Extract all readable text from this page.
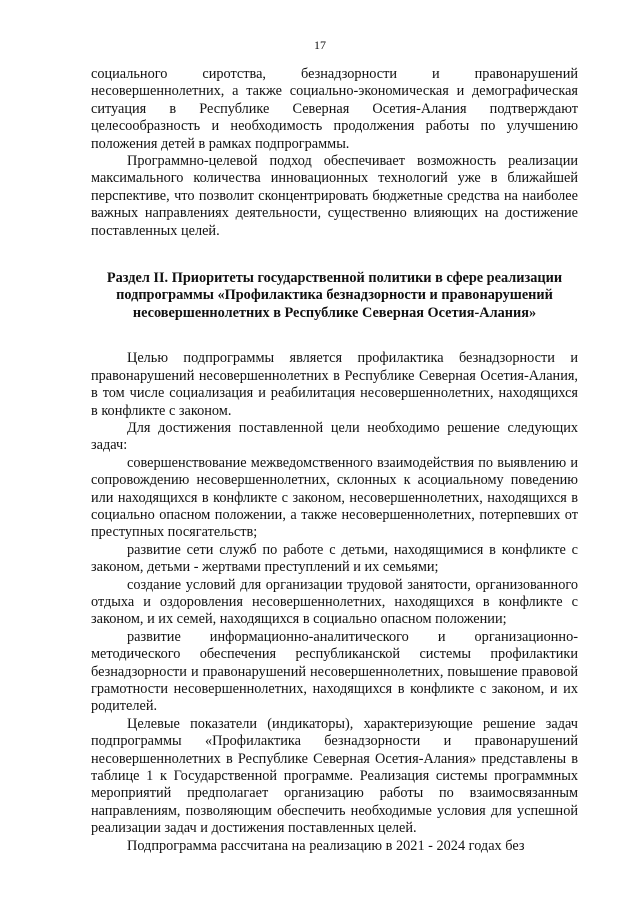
17

социального сиротства, безнадзорности и правонарушений несовершеннолетних, а также социально-экономическая и демографическая ситуация в Республике Северная Осетия-Алания подтверждают целесообразность и необходимость продолжения работы по улучшению положения детей в рамках подпрограммы.

Программно-целевой подход обеспечивает возможность реализации максимального количества инновационных технологий уже в ближайшей перспективе, что позволит сконцентрировать бюджетные средства на наиболее важных направлениях деятельности, существенно влияющих на достижение поставленных целей.

Раздел II. Приоритеты государственной политики в сфере реализации подпрограммы «Профилактика безнадзорности и правонарушений несовершеннолетних в Республике Северная Осетия-Алания»

Целью подпрограммы является профилактика безнадзорности и правонарушений несовершеннолетних в Республике Северная Осетия-Алания, в том числе социализация и реабилитация несовершеннолетних, находящихся в конфликте с законом.

Для достижения поставленной цели необходимо решение следующих задач:

совершенствование межведомственного взаимодействия по выявлению и сопровождению несовершеннолетних, склонных к асоциальному поведению или находящихся в конфликте с законом, несовершеннолетних, находящихся в социально опасном положении, а также несовершеннолетних, потерпевших от преступных посягательств;

развитие сети служб по работе с детьми, находящимися в конфликте с законом, детьми - жертвами преступлений и их семьями;

создание условий для организации трудовой занятости, организованного отдыха и оздоровления несовершеннолетних, находящихся в конфликте с законом, и их семей, находящихся в социально опасном положении;

развитие информационно-аналитического и организационно-методического обеспечения республиканской системы профилактики безнадзорности и правонарушений несовершеннолетних, повышение правовой грамотности несовершеннолетних, находящихся в конфликте с законом, и их родителей.

Целевые показатели (индикаторы), характеризующие решение задач подпрограммы «Профилактика безнадзорности и правонарушений несовершеннолетних в Республике Северная Осетия-Алания» представлены в таблице 1 к Государственной программе. Реализация системы программных мероприятий предполагает организацию работы по взаимосвязанным направлениям, позволяющим обеспечить необходимые условия для успешной реализации задач и достижения поставленных целей.

Подпрограмма рассчитана на реализацию в 2021 - 2024 годах без
